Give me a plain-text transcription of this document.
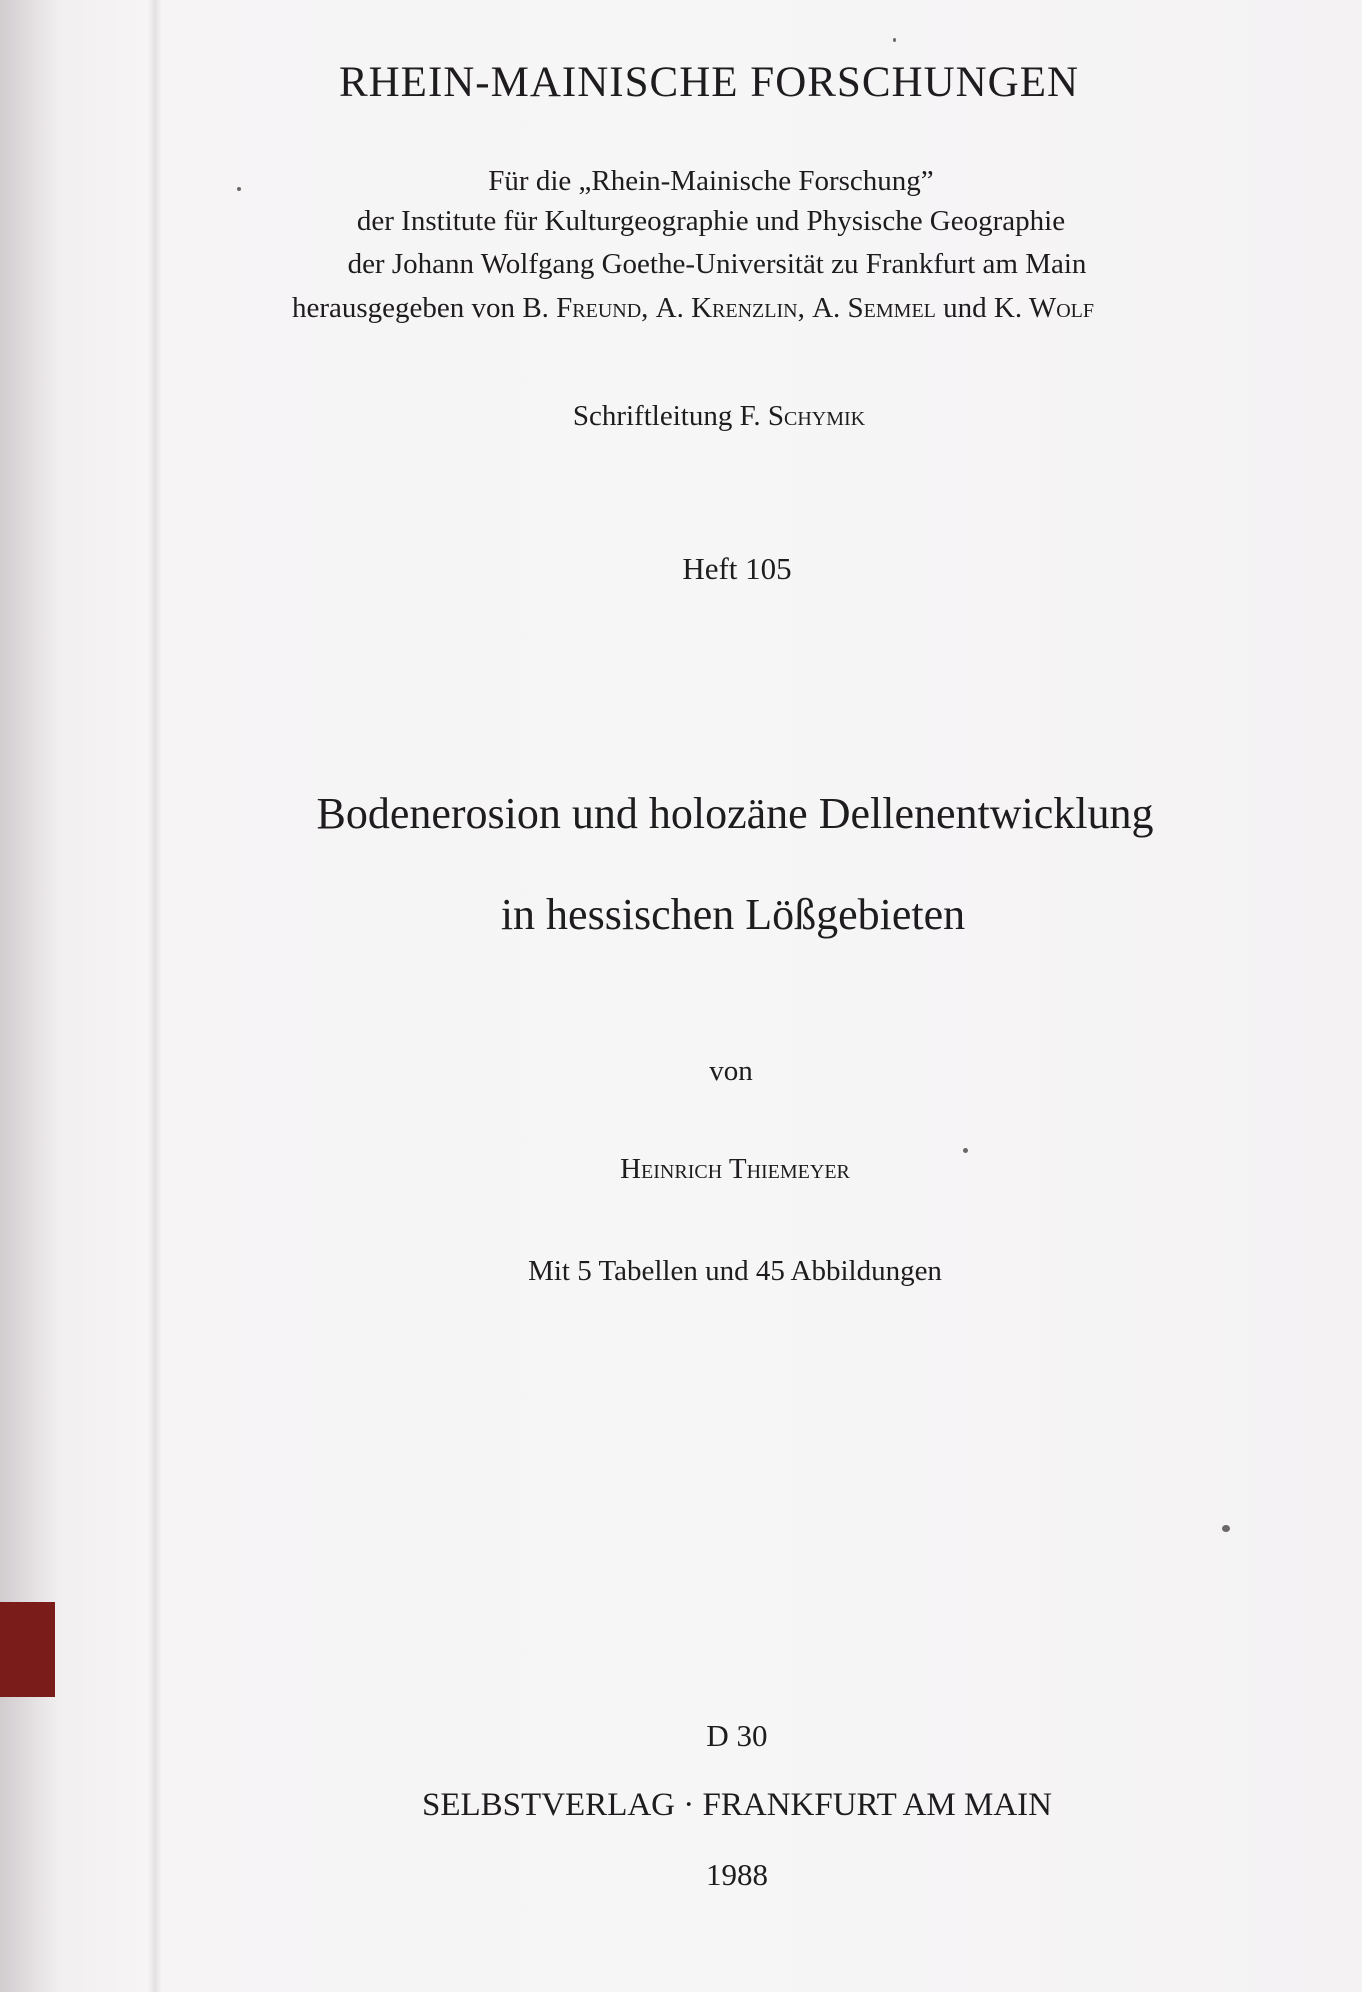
RHEIN-MAINISCHE FORSCHUNGEN
Für die „Rhein-Mainische Forschung”
der Institute für Kulturgeographie und Physische Geographie
der Johann Wolfgang Goethe-Universität zu Frankfurt am Main
herausgegeben von B. Freund, A. Krenzlin, A. Semmel und K. Wolf
Schriftleitung F. Schymik
Heft 105
Bodenerosion und holozäne Dellenentwicklung
in hessischen Lößgebieten
von
Heinrich Thiemeyer
Mit 5 Tabellen und 45 Abbildungen
D 30
SELBSTVERLAG · FRANKFURT AM MAIN
1988
